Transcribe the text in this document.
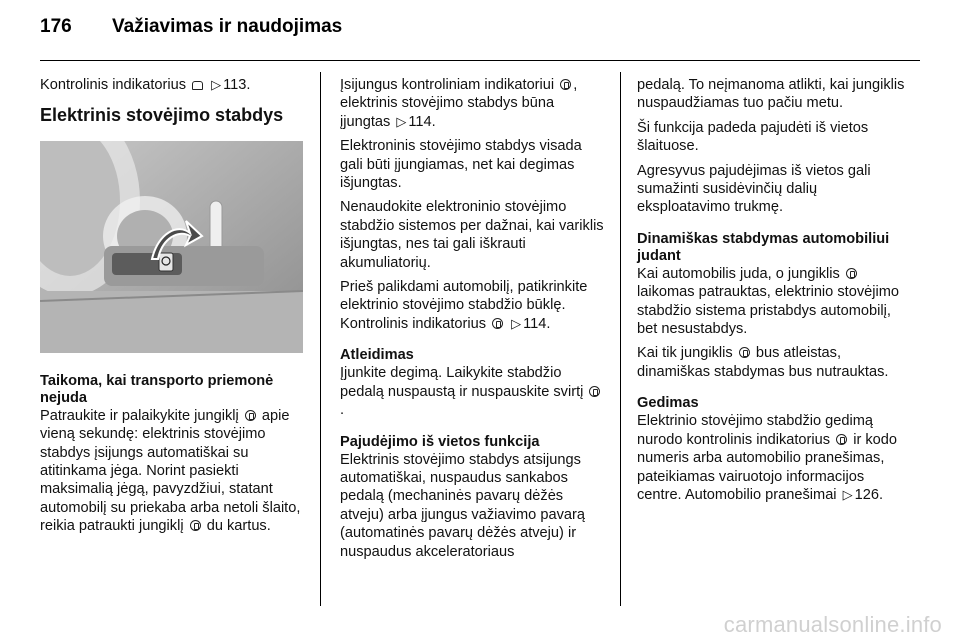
176 Važiavimas ir naudojimas

Kontrolinis indikatorius ▷ 113.

Elektrinis stovėjimo stabdys
Taikoma, kai transporto priemonė nejuda

Patraukite ir palaikykite jungiklį apie vieną sekundę: elektrinis stovėjimo stabdys įsijungs automatiškai su atitinkama jėga. Norint pasiekti maksimalią jėgą, pavyzdžiui, statant automobilį su priekaba arba netoli šlaito, reikia patraukti jungiklį du kartus.

Įsijungus kontroliniam indikatoriui , elektrinis stovėjimo stabdys būna įjungtas ▷ 114.

Elektroninis stovėjimo stabdys visada gali būti įjungiamas, net kai degimas išjungtas.

Nenaudokite elektroninio stovėjimo stabdžio sistemos per dažnai, kai variklis išjungtas, nes tai gali iškrauti akumuliatorių.

Prieš palikdami automobilį, patikrinkite elektrinio stovėjimo stabdžio būklę. Kontrolinis indikatorius ▷ 114.

Atleidimas

Įjunkite degimą. Laikykite stabdžio pedalą nuspaustą ir nuspauskite svirtį .

Pajudėjimo iš vietos funkcija

Elektrinis stovėjimo stabdys atsijungs automatiškai, nuspaudus sankabos pedalą (mechaninės pavarų dėžės atveju) arba įjungus važiavimo pavarą (automatinės pavarų dėžės atveju) ir nuspaudus akceleratoriaus

pedalą. To neįmanoma atlikti, kai jungiklis nuspaudžiamas tuo pačiu metu.

Ši funkcija padeda pajudėti iš vietos šlaituose.

Agresyvus pajudėjimas iš vietos gali sumažinti susidėvinčių dalių eksploatavimo trukmę.

Dinamiškas stabdymas automobiliui judant

Kai automobilis juda, o jungiklis  laikomas patrauktas, elektrinio stovėjimo stabdžio sistema pristabdys automobilį, bet nesustabdys.

Kai tik jungiklis bus atleistas, dinamiškas stabdymas bus nutrauktas.

Gedimas

Elektrinio stovėjimo stabdžio gedimą nurodo kontrolinis indikatorius ir kodo numeris arba automobilio pranešimas, pateikiamas vairuotojo informacijos centre. Automobilio pranešimai ▷ 126.

carmanualsonline.info
